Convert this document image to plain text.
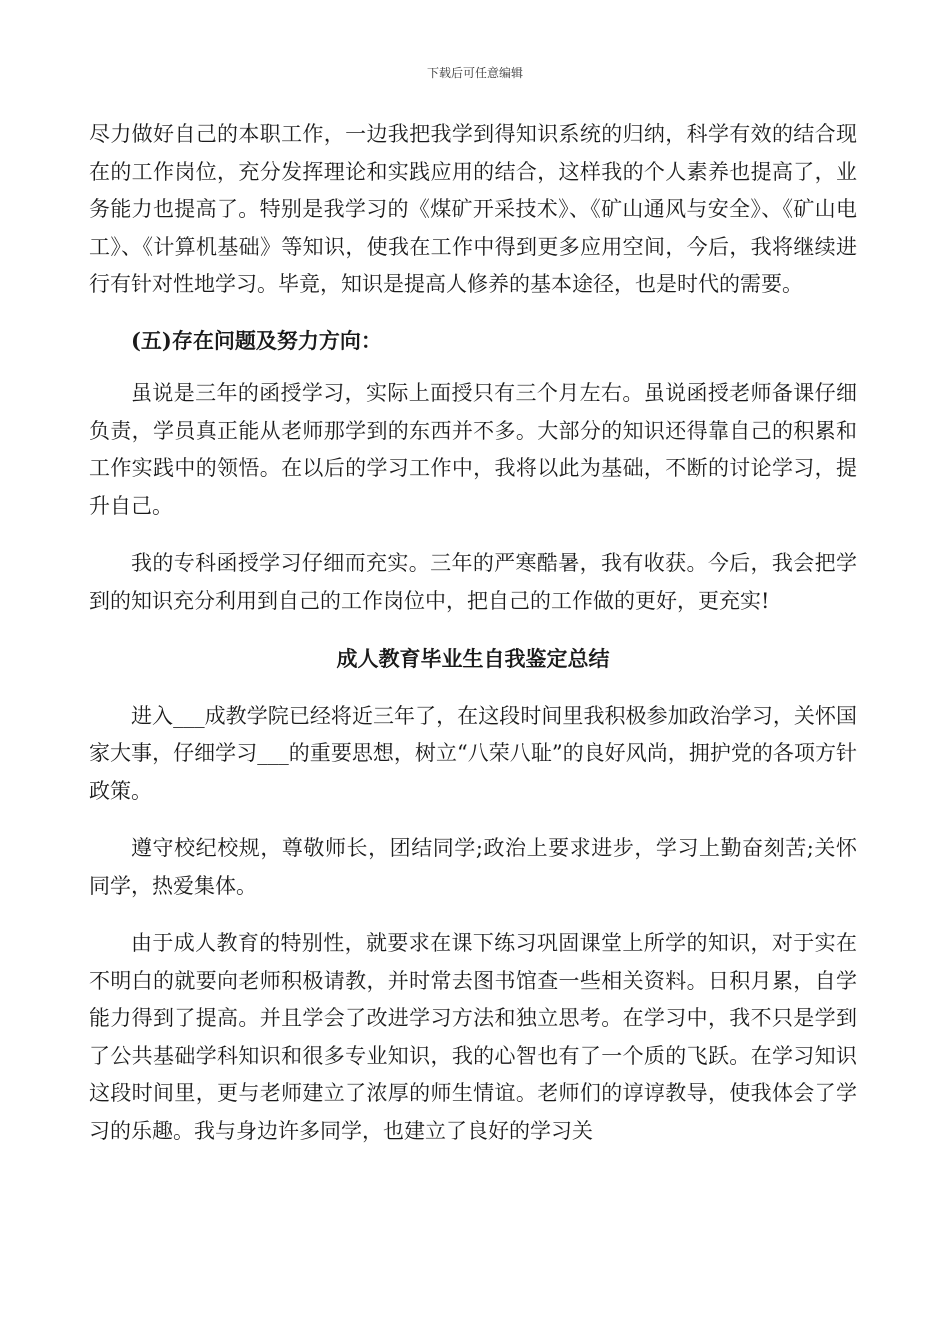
下载后可任意编辑

尽力做好自己的本职工作，一边我把我学到得知识系统的归纳，科学有效的结合现在的工作岗位，充分发挥理论和实践应用的结合，这样我的个人素养也提高了，业务能力也提高了。特别是我学习的《煤矿开采技术》、《矿山通风与安全》、《矿山电工》、《计算机基础》等知识，使我在工作中得到更多应用空间，今后，我将继续进行有针对性地学习。毕竟，知识是提高人修养的基本途径，也是时代的需要。

(五)存在问题及努力方向：

虽说是三年的函授学习，实际上面授只有三个月左右。虽说函授老师备课仔细负责，学员真正能从老师那学到的东西并不多。大部分的知识还得靠自己的积累和工作实践中的领悟。在以后的学习工作中，我将以此为基础，不断的讨论学习，提升自己。

我的专科函授学习仔细而充实。三年的严寒酷暑，我有收获。今后，我会把学到的知识充分利用到自己的工作岗位中，把自己的工作做的更好，更充实!

成人教育毕业生自我鉴定总结

进入___成教学院已经将近三年了，在这段时间里我积极参加政治学习，关怀国家大事，仔细学习___的重要思想，树立“八荣八耻”的良好风尚，拥护党的各项方针政策。

遵守校纪校规，尊敬师长，团结同学;政治上要求进步，学习上勤奋刻苦;关怀同学，热爱集体。

由于成人教育的特别性，就要求在课下练习巩固课堂上所学的知识，对于实在不明白的就要向老师积极请教，并时常去图书馆查一些相关资料。日积月累，自学能力得到了提高。并且学会了改进学习方法和独立思考。在学习中，我不只是学到了公共基础学科知识和很多专业知识，我的心智也有了一个质的飞跃。在学习知识这段时间里，更与老师建立了浓厚的师生情谊。老师们的谆谆教导，使我体会了学习的乐趣。我与身边许多同学，也建立了良好的学习关
